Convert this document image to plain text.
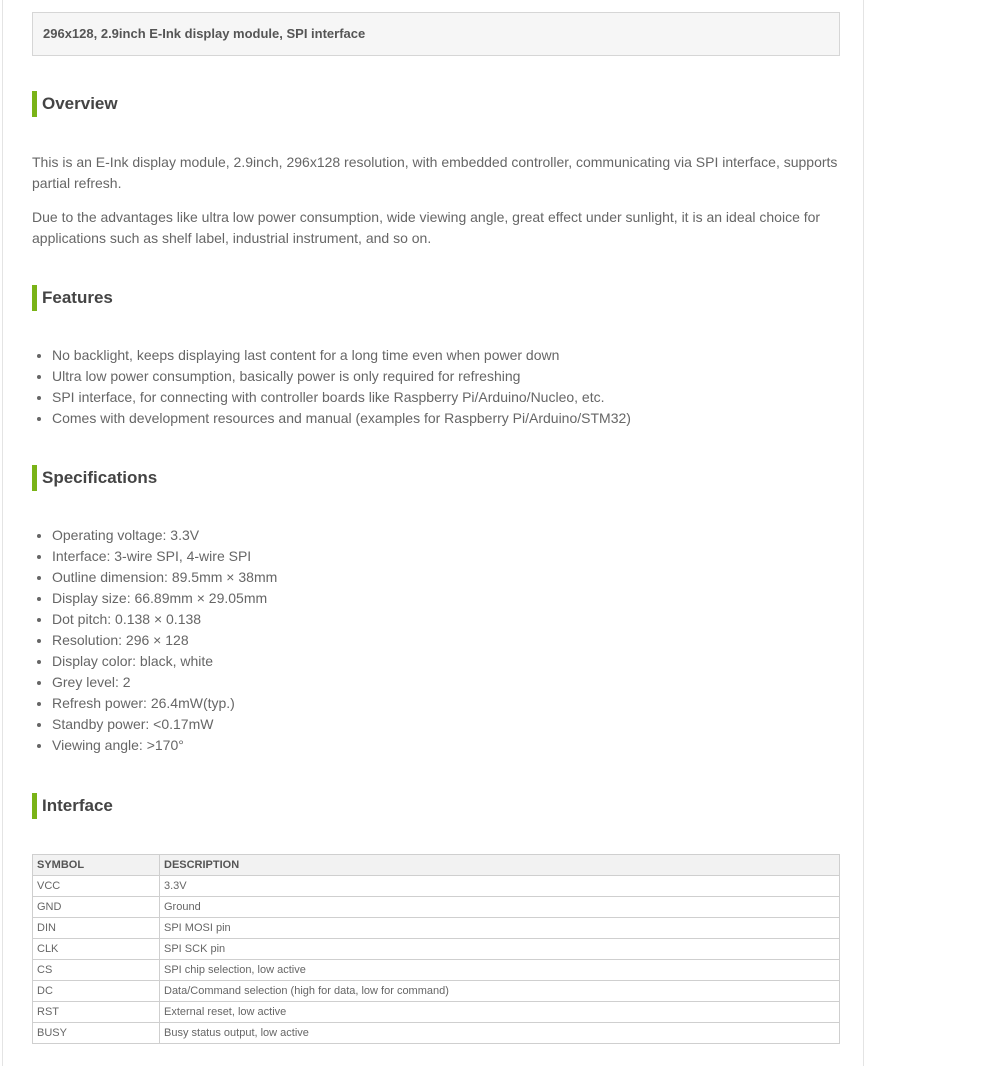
296x128, 2.9inch E-Ink display module, SPI interface
Overview

This is an E-Ink display module, 2.9inch, 296x128 resolution, with embedded controller, communicating via SPI interface, supports partial refresh.

Due to the advantages like ultra low power consumption, wide viewing angle, great effect under sunlight, it is an ideal choice for applications such as shelf label, industrial instrument, and so on.

Features
• No backlight, keeps displaying last content for a long time even when power down
• Ultra low power consumption, basically power is only required for refreshing
• SPI interface, for connecting with controller boards like Raspberry Pi/Arduino/Nucleo, etc.
• Comes with development resources and manual (examples for Raspberry Pi/Arduino/STM32)
Specifications
• Operating voltage: 3.3V
• Interface: 3-wire SPI, 4-wire SPI
• Outline dimension: 89.5mm × 38mm
• Display size: 66.89mm × 29.05mm
• Dot pitch: 0.138 × 0.138
• Resolution: 296 × 128
• Display color: black, white
• Grey level: 2
• Refresh power: 26.4mW(typ.)
• Standby power: <0.17mW
• Viewing angle: >170°
Interface
SYMBOL	DESCRIPTION
VCC	3.3V
GND	Ground
DIN	SPI MOSI pin
CLK	SPI SCK pin
CS	SPI chip selection, low active
DC	Data/Command selection (high for data, low for command)
RST	External reset, low active
BUSY	Busy status output, low active
